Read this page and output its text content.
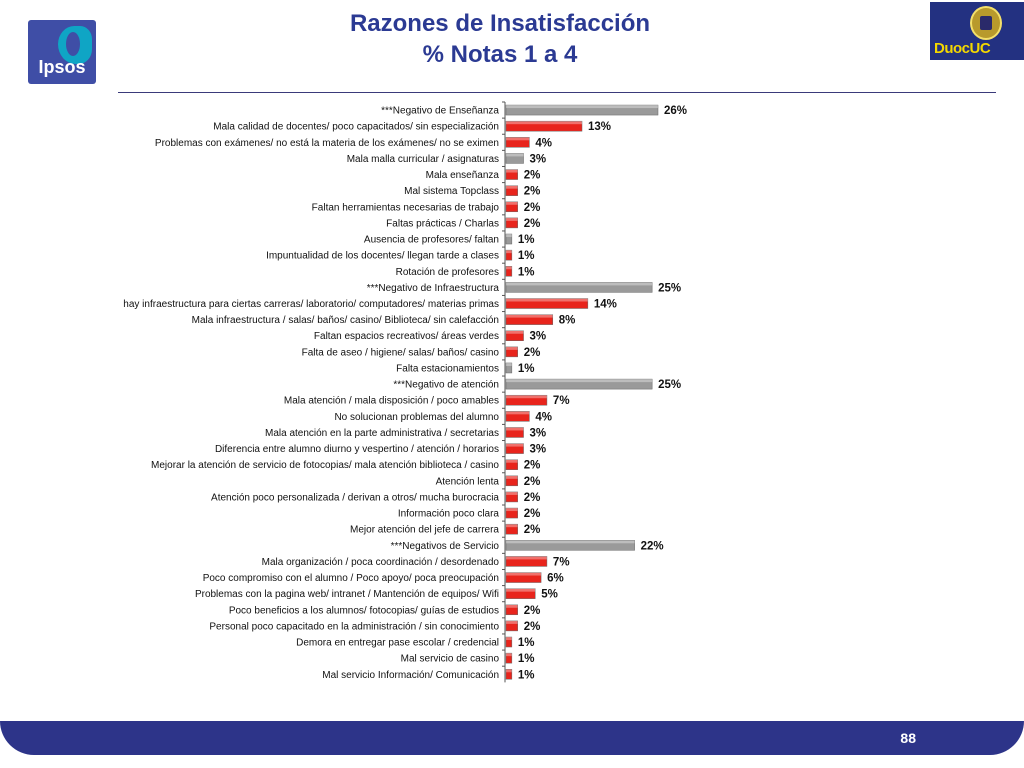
Ipsos
Razones de Insatisfacción
% Notas 1 a 4	DuocUC
***Negativo de Enseñanza	26%
Mala calidad de docentes/ poco capacitados/ sin especialización	13%
Problemas con exámenes/ no está la materia de los exámenes/ no se eximen	4%
Mala malla curricular / asignaturas	3%
Mala enseñanza 2%
Mal sistema Topclass 2%
Faltan herramientas necesarias de trabajo 2%
Faltas prácticas / Charlas 2%
Ausencia de profesores/ faltan 1%
Impuntualidad de los docentes/ llegan tarde a clases 1%
Rotación de profesores 1%
***Negativo de Infraestructura	25%
hay infraestructura para ciertas carreras/ laboratorio/ computadores/ materias primas	14%
Mala infraestructura / salas/ baños/ casino/ Biblioteca/ sin calefacción	8%
Faltan espacios recreativos/ áreas verdes	3%
Falta de aseo / higiene/ salas/ baños/ casino 2%
Falta estacionamientos 1%
***Negativo de atención	25%
Mala atención / mala disposición / poco amables	7%
No solucionan problemas del alumno	4%
Mala atención en la parte administrativa / secretarias	3%
Diferencia entre alumno diurno y vespertino / atención / horarios	3%
Mejorar la atención de servicio de fotocopias/ mala atención biblioteca / casino 2%
Atención lenta 2%
Atención poco personalizada / derivan a otros/ mucha burocracia 2%
Información poco clara 2%
Mejor atención del jefe de carrera 2%
***Negativos de Servicio	22%
Mala organización / poca coordinación / desordenado	7%
Poco compromiso con el alumno / Poco apoyo/ poca preocupación	6%
Problemas con la pagina web/ intranet / Mantención de equipos/ Wifi	5%
Poco beneficios a los alumnos/ fotocopias/ guías de estudios 2%
Personal poco capacitado en la administración / sin conocimiento 2%
Demora en entregar pase escolar / credencial 1%
Mal servicio de casino 1%
Mal servicio Información/ Comunicación 1%
88
